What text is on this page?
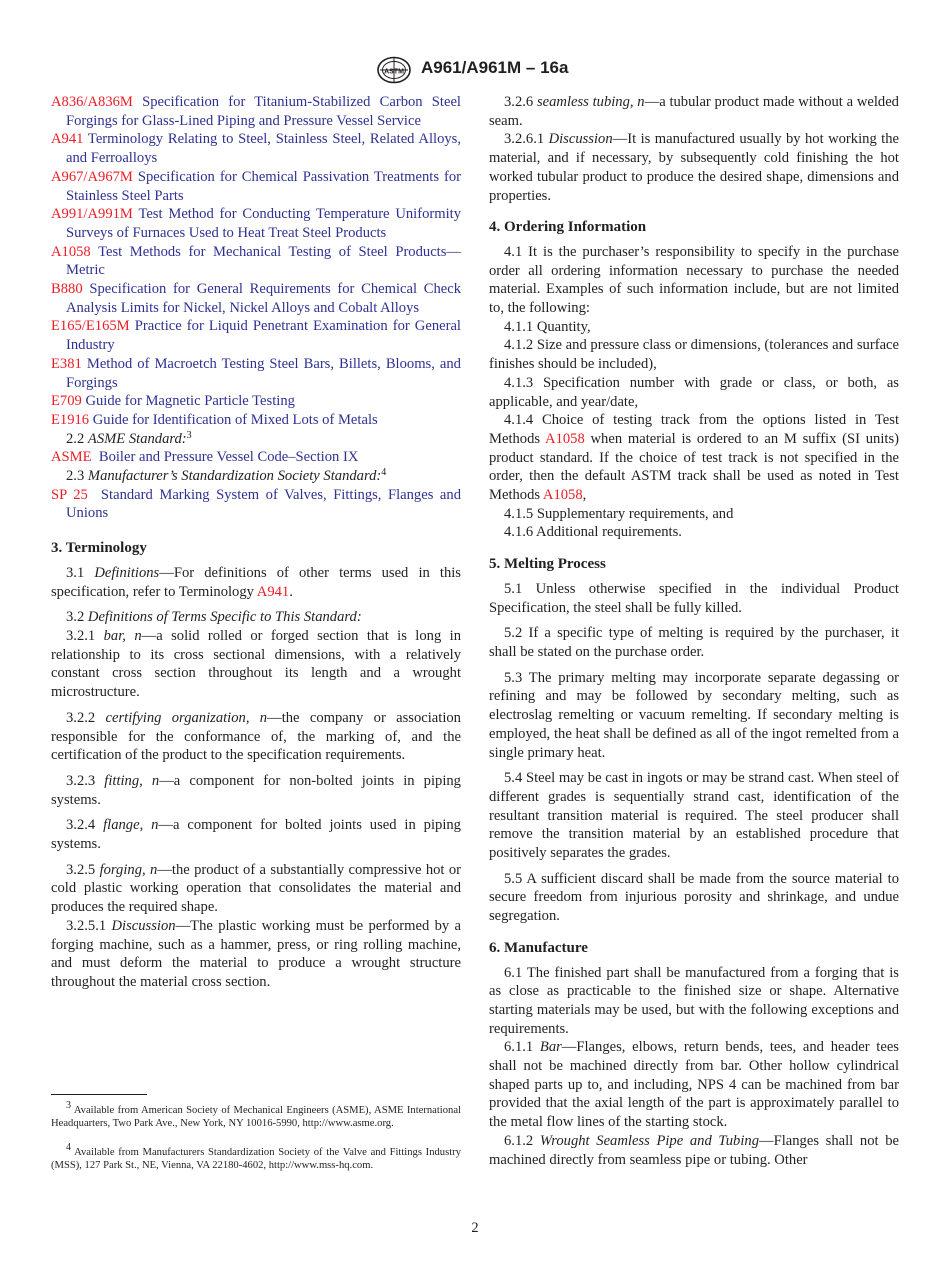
ASTM A961/A961M – 16a
A836/A836M Specification for Titanium-Stabilized Carbon Steel Forgings for Glass-Lined Piping and Pressure Vessel Service
A941 Terminology Relating to Steel, Stainless Steel, Related Alloys, and Ferroalloys
A967/A967M Specification for Chemical Passivation Treatments for Stainless Steel Parts
A991/A991M Test Method for Conducting Temperature Uniformity Surveys of Furnaces Used to Heat Treat Steel Products
A1058 Test Methods for Mechanical Testing of Steel Products—Metric
B880 Specification for General Requirements for Chemical Check Analysis Limits for Nickel, Nickel Alloys and Cobalt Alloys
E165/E165M Practice for Liquid Penetrant Examination for General Industry
E381 Method of Macroetch Testing Steel Bars, Billets, Blooms, and Forgings
E709 Guide for Magnetic Particle Testing
E1916 Guide for Identification of Mixed Lots of Metals

2.2 ASME Standard:$^3$

ASME Boiler and Pressure Vessel Code–Section IX

2.3 Manufacturer’s Standardization Society Standard:$^4$

SP 25 Standard Marking System of Valves, Fittings, Flanges and Unions
3. Terminology

3.1 Definitions—For definitions of other terms used in this specification, refer to Terminology A941.

3.2 Definitions of Terms Specific to This Standard:

3.2.1 bar, n—a solid rolled or forged section that is long in relationship to its cross sectional dimensions, with a relatively constant cross section throughout its length and a wrought microstructure.

3.2.2 certifying organization, n—the company or association responsible for the conformance of, the marking of, and the certification of the product to the specification requirements.

3.2.3 fitting, n—a component for non-bolted joints in piping systems.

3.2.4 flange, n—a component for bolted joints used in piping systems.

3.2.5 forging, n—the product of a substantially compressive hot or cold plastic working operation that consolidates the material and produces the required shape.

3.2.5.1 Discussion—The plastic working must be performed by a forging machine, such as a hammer, press, or ring rolling machine, and must deform the material to produce a wrought structure throughout the material cross section.

$^3$ Available from American Society of Mechanical Engineers (ASME), ASME International Headquarters, Two Park Ave., New York, NY 10016-5990, http://www.asme.org.

$^4$ Available from Manufacturers Standardization Society of the Valve and Fittings Industry (MSS), 127 Park St., NE, Vienna, VA 22180-4602, http://www.mss-hq.com.

3.2.6 seamless tubing, n—a tubular product made without a welded seam.

3.2.6.1 Discussion—It is manufactured usually by hot working the material, and if necessary, by subsequently cold finishing the hot worked tubular product to produce the desired shape, dimensions and properties.

4. Ordering Information

4.1 It is the purchaser’s responsibility to specify in the purchase order all ordering information necessary to purchase the needed material. Examples of such information include, but are not limited to, the following:

4.1.1 Quantity,

4.1.2 Size and pressure class or dimensions, (tolerances and surface finishes should be included),

4.1.3 Specification number with grade or class, or both, as applicable, and year/date,

4.1.4 Choice of testing track from the options listed in Test Methods A1058 when material is ordered to an M suffix (SI units) product standard. If the choice of test track is not specified in the order, then the default ASTM track shall be used as noted in Test Methods A1058,

4.1.5 Supplementary requirements, and

4.1.6 Additional requirements.

5. Melting Process

5.1 Unless otherwise specified in the individual Product Specification, the steel shall be fully killed.

5.2 If a specific type of melting is required by the purchaser, it shall be stated on the purchase order.

5.3 The primary melting may incorporate separate degassing or refining and may be followed by secondary melting, such as electroslag remelting or vacuum remelting. If secondary melting is employed, the heat shall be defined as all of the ingot remelted from a single primary heat.

5.4 Steel may be cast in ingots or may be strand cast. When steel of different grades is sequentially strand cast, identification of the resultant transition material is required. The steel producer shall remove the transition material by an established procedure that positively separates the grades.

5.5 A sufficient discard shall be made from the source material to secure freedom from injurious porosity and shrinkage, and undue segregation.

6. Manufacture

6.1 The finished part shall be manufactured from a forging that is as close as practicable to the finished size or shape. Alternative starting materials may be used, but with the following exceptions and requirements.

6.1.1 Bar—Flanges, elbows, return bends, tees, and header tees shall not be machined directly from bar. Other hollow cylindrical shaped parts up to, and including, NPS 4 can be machined from bar provided that the axial length of the part is approximately parallel to the metal flow lines of the starting stock.

6.1.2 Wrought Seamless Pipe and Tubing—Flanges shall not be machined directly from seamless pipe or tubing. Other

2
